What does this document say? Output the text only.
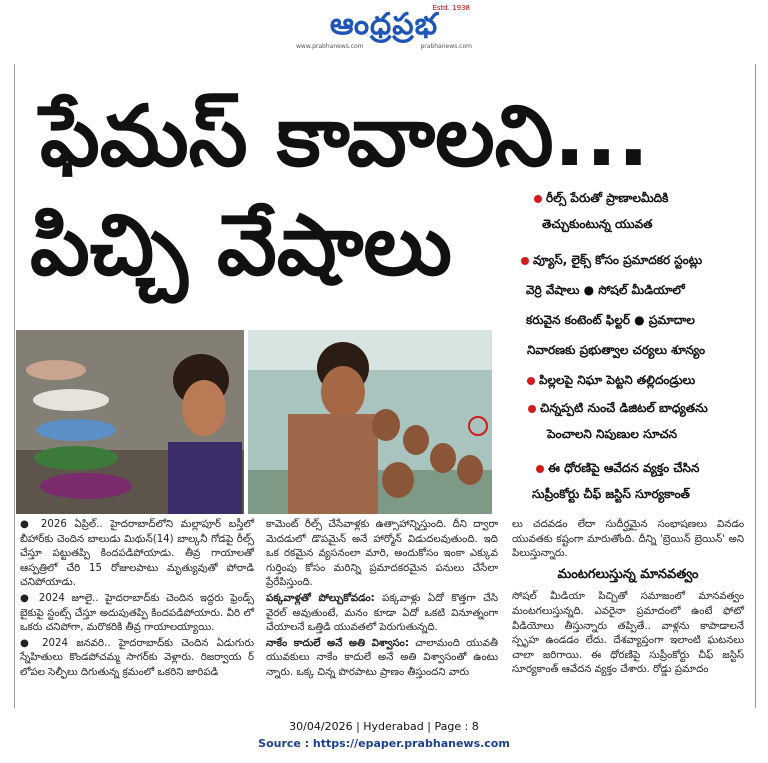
ఆంధ్రప్రభ
Estd. 1938
www.prabhanews.com	prabhanews.com
ఫేమస్ కావాలని...
పిచ్చి వేషాలు	రీల్స్ పేరుతో ప్రాణాలమీదికి
తెచ్చుకుంటున్న యువత
వ్యూస్, లైక్స్ కోసం ప్రమాదకర స్టంట్లు
వెర్రి వేషాలు ● సోషల్ మీడియాలో
కరువైన కంటెంట్ ఫిల్టర్ ● ప్రమాదాల
నివారణకు ప్రభుత్వాల చర్యలు శూన్యం
పిల్లలపై నిఘా పెట్టని తల్లిదండ్రులు
చిన్నప్పటి నుంచే డిజిటల్ బాధ్యతను
పెంచాలని నిపుణుల సూచన
ఈ ధోరణిపై ఆవేదన వ్యక్తం చేసిన
సుప్రీంకోర్టు చీఫ్ జస్టిస్ సూర్యకాంత్

● 2026 ఏప్రిల్.. హైదరాబాద్‌లోని మల్లాపూర్ బస్తీలో బీహార్‌కు చెందిన బాలుడు మిథున్(14) బాల్కనీ గోడపై రీల్స్ చేస్తూ పట్టుతప్పి కిందపడిపోయాడు. తీవ్ర గాయాలతో ఆస్పత్రిలో చేరి 15 రోజులపాటు మృత్యువుతో పోరాడి చనిపోయాడు.

● 2024 జూలై.. హైదరాబాద్‌కు చెందిన ఇద్దరు ఫ్రెండ్స్ బైకుపై స్టంట్స్ చేస్తూ అదుపుతప్పి కిందపడిపోయారు. వీరి లో ఒకరు చనిపోగా, మరొకరికి తీవ్ర గాయాలయ్యాయి.

● 2024 జనవరి.. హైదరాబాద్‌కు చెందిన ఏడుగురు స్నేహితులు కొండపోచమ్మ సాగర్‌కు వెళ్లారు. రిజర్వాయ ర్ లోపల సెల్ఫీలు దిగుతున్న క్రమంలో ఒకరిని జారిపడి

కామెంట్ రీల్స్ చేసేవాళ్లకు ఉత్సాహాన్నిస్తుంది. దీని ద్వారా మెదడులో డొపమైన్ అనే హార్మోన్ విడుదలవుతుంది. ఇది ఒక రకమైన వ్యసనంలా మారి, అందుకోసం ఇంకా ఎక్కువ గుర్తింపు కోసం మరిన్ని ప్రమాదకరమైన పనులు చేసేలా ప్రేరేపిస్తుంది.

పక్కవాళ్లతో పోల్చుకోవడం: పక్కవాళ్లు ఏదో కొత్తగా చేసి వైరల్ అవుతుంటే, మనం కూడా ఏదో ఒకటి వినూత్నంగా చేయాలనే ఒత్తిడి యువతలో పెరుగుతున్నది.

నాకేం కాదులే అనే అతి విశ్వాసం: చాలామంది యువతీ యువకులు నాకేం కాదులే అనే అతి విశ్వాసంతో ఉంటు న్నారు. ఒక్క చిన్న పొరపాటు ప్రాణం తీస్తుందని వారు

లు చదవడం లేదా సుదీర్ఘమైన సంభాషణలు వినడం యువతకు కష్టంగా మారుతోంది. దీన్ని 'బ్రెయిన్ బ్రెయిన్' అని పిలుస్తున్నారు.

మంటగలుస్తున్న మానవత్వం

సోషల్ మీడియా పిచ్చితో సమాజంలో మానవత్వం మంటగలుస్తున్నది. ఎవరైనా ప్రమాదంలో ఉంటే ఫోటో వీడియోలు తీస్తున్నారు తప్పితే.. వాళ్లను కాపాడాలనే స్పృహ ఉండడం లేదు. దేశవ్యాప్తంగా ఇలాంటి ఘటనలు చాలా జరిగాయి. ఈ ధోరణిపై సుప్రీంకోర్టు చీఫ్ జస్టిస్ సూర్యకాంత్ ఆవేదన వ్యక్తం చేశారు. రోడ్డు ప్రమాదం

30/04/2026 | Hyderabad | Page : 8
Source : https://epaper.prabhanews.com
